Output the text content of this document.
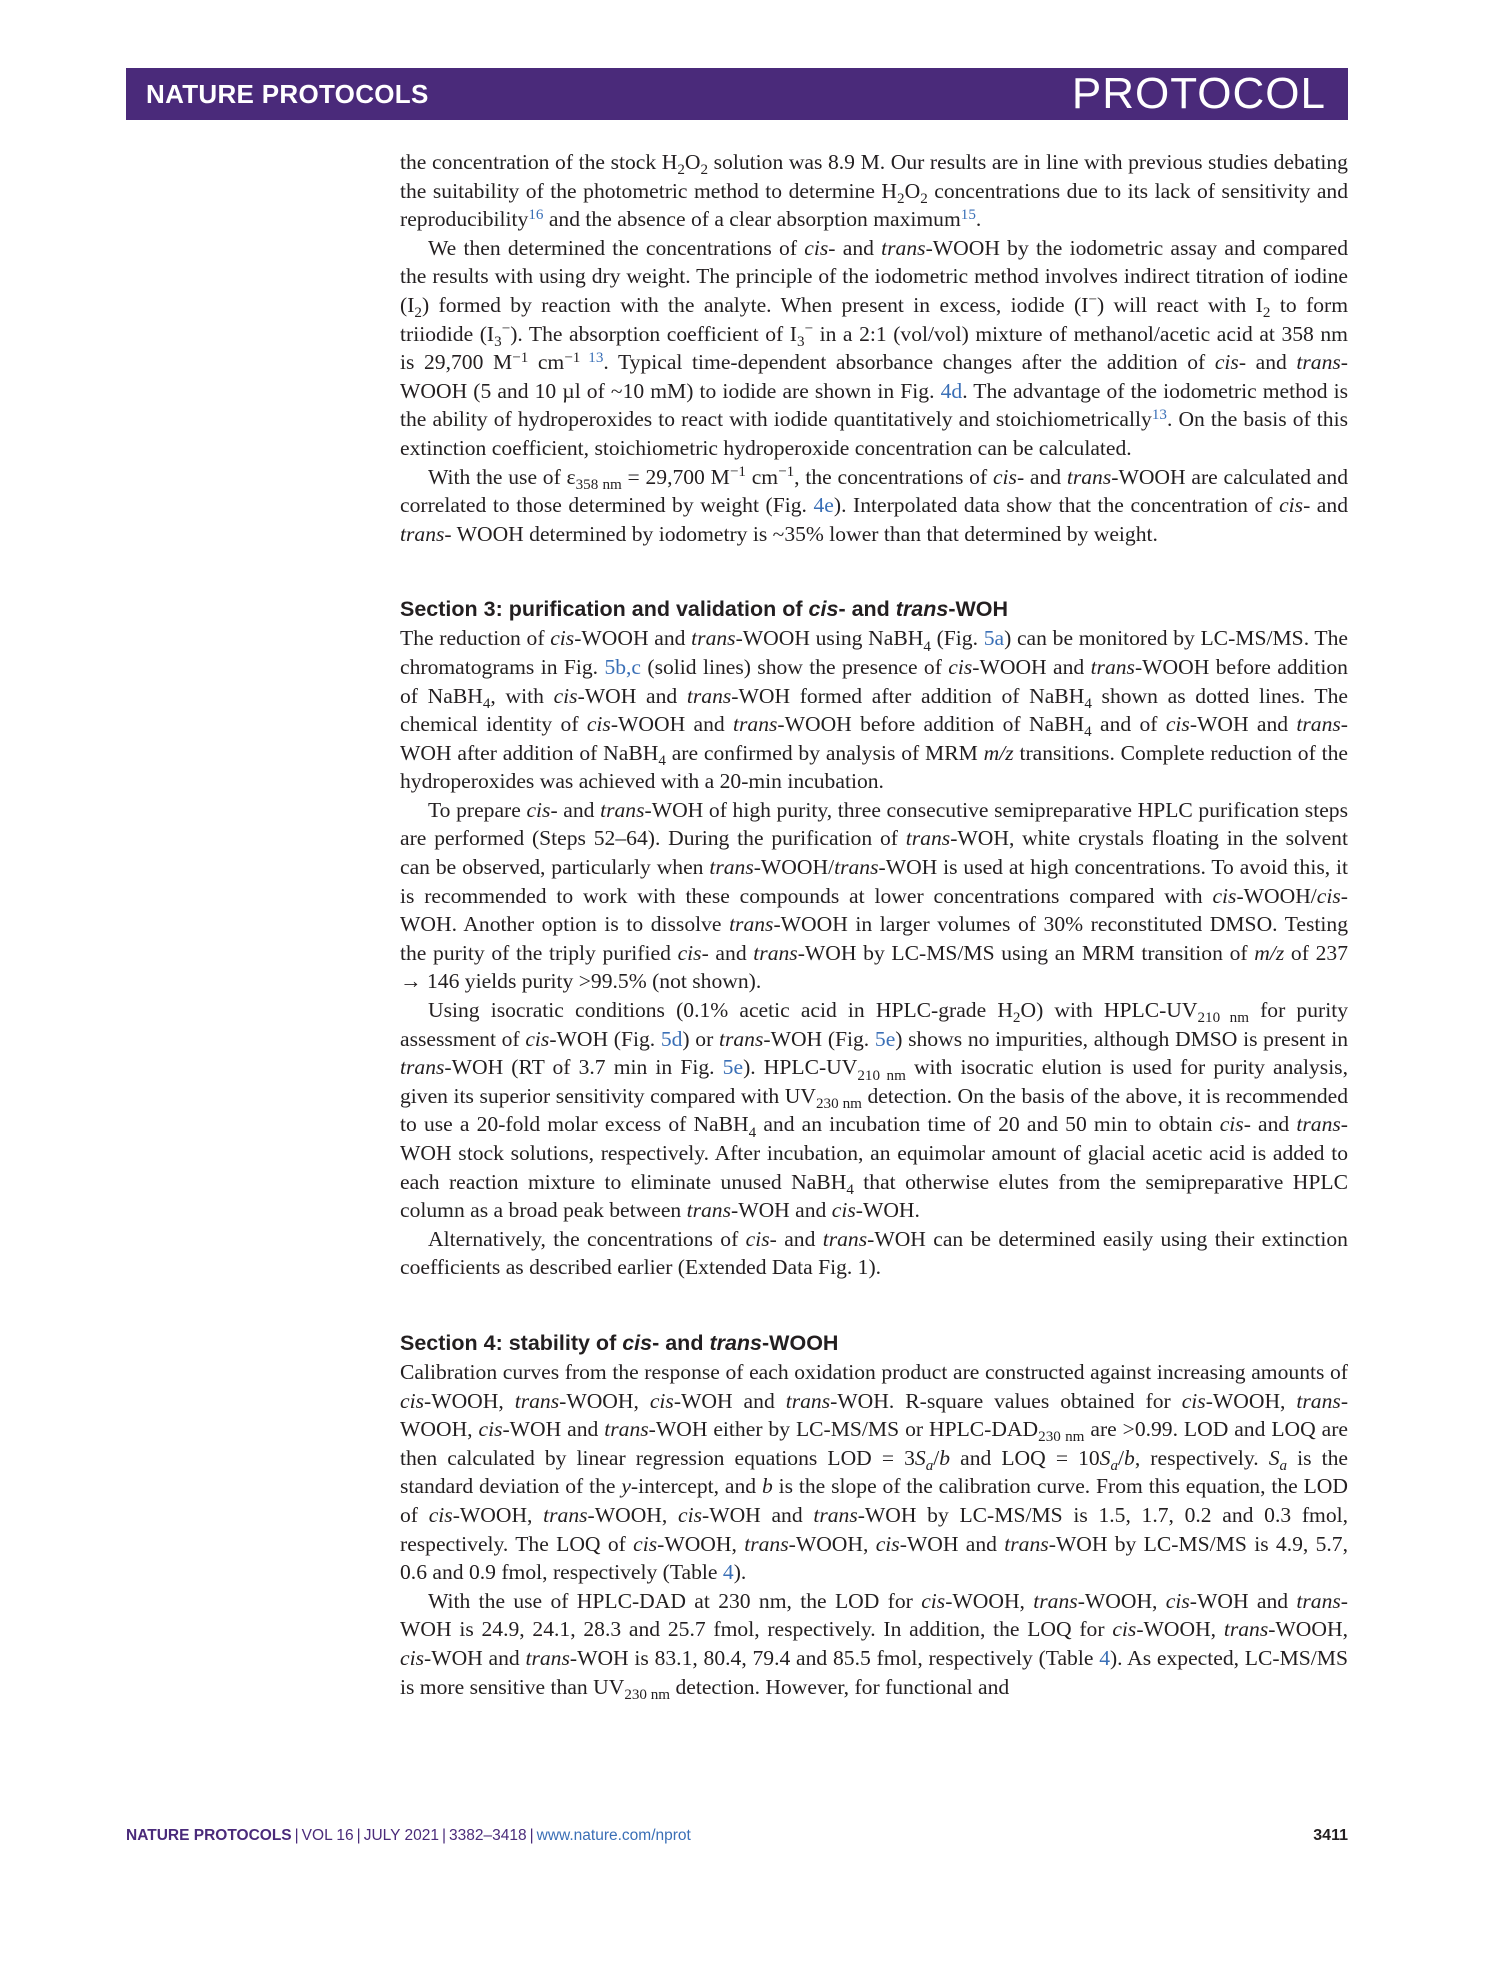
NATURE PROTOCOLS	PROTOCOL

the concentration of the stock $H_2O_2$ solution was 8.9 M. Our results are in line with previous studies debating the suitability of the photometric method to determine $H_2O_2$ concentrations due to its lack of sensitivity and reproducibility$^{16}$ and the absence of a clear absorption maximum$^{15}$.

We then determined the concentrations of cis- and trans-WOOH by the iodometric assay and compared the results with using dry weight. The principle of the iodometric method involves indirect titration of iodine $(I_2)$ formed by reaction with the analyte. When present in excess, iodide (I−) will react with $I_2$ to form triiodide $(I_3^-)$. The absorption coefficient of $I_3^-$ in a 2:1 (vol/vol) mixture of methanol/acetic acid at 358 nm is 29,700 $M^{-1}$ $cm^{-1 13}$. Typical time-dependent absorbance changes after the addition of cis- and trans-WOOH (5 and 10 µl of ~10 mM) to iodide are shown in Fig. 4d. The advantage of the iodometric method is the ability of hydroperoxides to react with iodide quantitatively and stoichiometrically$^{13}$. On the basis of this extinction coefficient, stoichiometric hydroperoxide concentration can be calculated.

With the use of $\varepsilon_{358 nm} = 29,700$ $M^{-1}$ $cm^{-1}$, the concentrations of cis- and trans-WOOH are calculated and correlated to those determined by weight (Fig. 4e). Interpolated data show that the concentration of cis- and trans- WOOH determined by iodometry is ~35% lower than that determined by weight.

Section 3: purification and validation of cis- and trans-WOH

The reduction of cis-WOOH and trans-WOOH using NaBH$_4$ (Fig. 5a) can be monitored by LC-MS/MS. The chromatograms in Fig. 5b,c (solid lines) show the presence of cis-WOOH and trans-WOOH before addition of NaBH$_4$, with cis-WOH and trans-WOH formed after addition of NaBH$_4$ shown as dotted lines. The chemical identity of cis-WOOH and trans-WOOH before addition of NaBH$_4$ and of cis-WOH and trans-WOH after addition of NaBH$_4$ are confirmed by analysis of MRM m/z transitions. Complete reduction of the hydroperoxides was achieved with a 20-min incubation.

To prepare cis- and trans-WOH of high purity, three consecutive semipreparative HPLC purification steps are performed (Steps 52–64). During the purification of trans-WOH, white crystals floating in the solvent can be observed, particularly when trans-WOOH/trans-WOH is used at high concentrations. To avoid this, it is recommended to work with these compounds at lower concentrations compared with cis-WOOH/cis-WOH. Another option is to dissolve trans-WOOH in larger volumes of 30% reconstituted DMSO. Testing the purity of the triply purified cis- and trans-WOH by LC-MS/MS using an MRM transition of m/z of 237 → 146 yields purity >99.5% (not shown).

Using isocratic conditions (0.1% acetic acid in HPLC-grade $H_2O$) with HPLC-$UV_{210 nm}$ for purity assessment of cis-WOH (Fig. 5d) or trans-WOH (Fig. 5e) shows no impurities, although DMSO is present in trans-WOH (RT of 3.7 min in Fig. 5e). HPLC-$UV_{210 nm}$ with isocratic elution is used for purity analysis, given its superior sensitivity compared with $UV_{230 nm}$ detection. On the basis of the above, it is recommended to use a 20-fold molar excess of NaBH$_4$ and an incubation time of 20 and 50 min to obtain cis- and trans-WOH stock solutions, respectively. After incubation, an equimolar amount of glacial acetic acid is added to each reaction mixture to eliminate unused NaBH$_4$ that otherwise elutes from the semipreparative HPLC column as a broad peak between trans-WOH and cis-WOH.

Alternatively, the concentrations of cis- and trans-WOH can be determined easily using their extinction coefficients as described earlier (Extended Data Fig. 1).

Section 4: stability of cis- and trans-WOOH

Calibration curves from the response of each oxidation product are constructed against increasing amounts of cis-WOOH, trans-WOOH, cis-WOH and trans-WOH. R-square values obtained for cis-WOOH, trans-WOOH, cis-WOH and trans-WOH either by LC-MS/MS or HPLC-$DAD_{230 nm}$ are >0.99. LOD and LOQ are then calculated by linear regression equations LOD = $3S_a/b$ and LOQ = $10S_a/b$, respectively. $S_a$ is the standard deviation of the y-intercept, and b is the slope of the calibration curve. From this equation, the LOD of cis-WOOH, trans-WOOH, cis-WOH and trans-WOH by LC-MS/MS is 1.5, 1.7, 0.2 and 0.3 fmol, respectively. The LOQ of cis-WOOH, trans-WOOH, cis-WOH and trans-WOH by LC-MS/MS is 4.9, 5.7, 0.6 and 0.9 fmol, respectively (Table 4).

With the use of HPLC-DAD at 230 nm, the LOD for cis-WOOH, trans-WOOH, cis-WOH and trans-WOH is 24.9, 24.1, 28.3 and 25.7 fmol, respectively. In addition, the LOQ for cis-WOOH, trans-WOOH, cis-WOH and trans-WOH is 83.1, 80.4, 79.4 and 85.5 fmol, respectively (Table 4). As expected, LC-MS/MS is more sensitive than $UV_{230 nm}$ detection. However, for functional and

NATURE PROTOCOLS | VOL 16 | JULY 2021 | 3382–3418 | www.nature.com/nprot	3411
